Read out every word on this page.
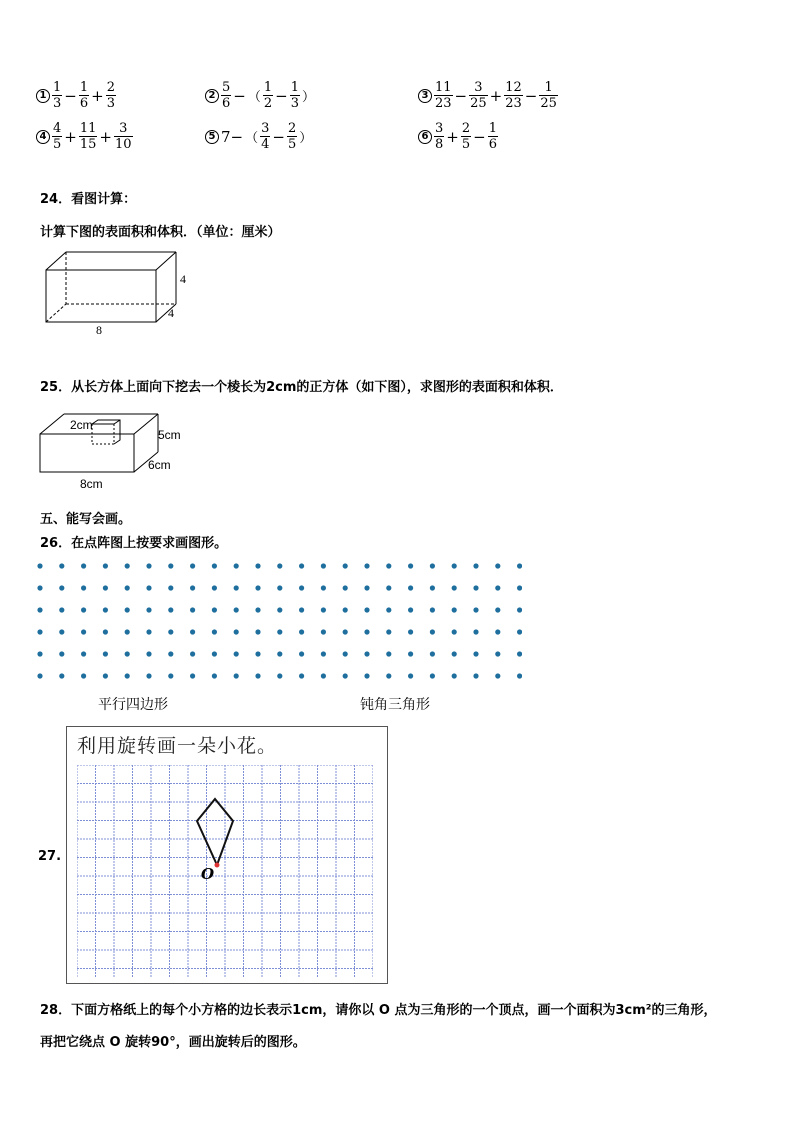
$1 \frac{1}{3} - \frac{1}{6} + \frac{2}{3}$	$2 \frac{5}{6}$ − （ $\frac{1}{2} - \frac{1}{3}$ ）	$3 \frac{11}{23} - \frac{3}{25} + \frac{12}{23} - \frac{1}{25}$
$4 \frac{4}{5} + \frac{11}{15} + \frac{3}{10}$	5 7− （ $\frac{3}{4} - \frac{2}{5}$ ）	$6 \frac{3}{8} + \frac{2}{5} - \frac{1}{6}$
24．看图计算：
计算下图的表面积和体积．（单位：厘米）
4
4
8
25．从长方体上面向下挖去一个棱长为2cm的正方体（如下图），求图形的表面积和体积．
2cm
5cm
6cm
8cm
五、能写会画。
26．在点阵图上按要求画图形。
平行四边形	钝角三角形
27.
利用旋转画一朵小花。
O
28．下面方格纸上的每个小方格的边长表示1cm，请你以 O 点为三角形的一个顶点，画一个面积为3cm²的三角形，
再把它绕点 O 旋转90°，画出旋转后的图形。
